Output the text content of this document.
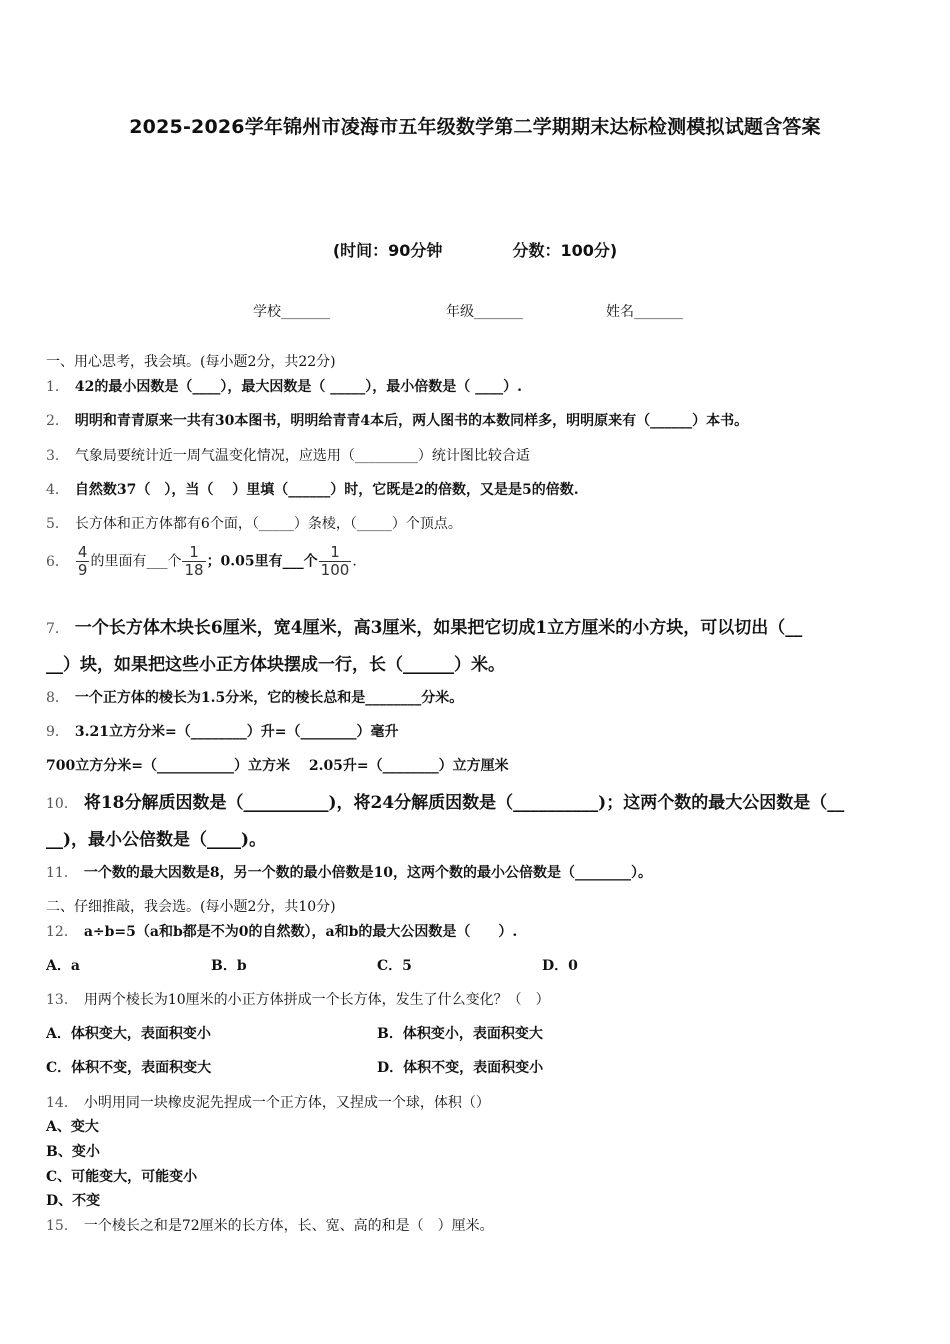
2025-2026学年锦州市凌海市五年级数学第二学期期末达标检测模拟试题含答案
(时间：90分钟	分数：100分)
学校_______	年级_______	姓名_______
一、用心思考，我会填。(每小题2分，共22分)
1． 42的最小因数是（____），最大因数是（ _____），最小倍数是（ ____）.
2． 明明和青青原来一共有30本图书，明明给青青4本后，两人图书的本数同样多，明明原来有（______）本书。
3． 气象局要统计近一周气温变化情况，应选用（_________）统计图比较合适
4． 自然数37（　），当（　 ）里填（______）时，它既是2的倍数，又是是5的倍数.
5． 长方体和正方体都有6个面，（_____）条棱，（_____）个顶点。
6． $\frac{4}{9}$ 的里面有___个 $\frac{1}{18}$ ；0.05里有___个 $\frac{1}{100}$ .
7． 一个长方体木块长6厘米，宽4厘米，高3厘米，如果把它切成1立方厘米的小方块，可以切出（__
__）块，如果把这些小正方体块摆成一行，长（______）米。
8． 一个正方体的棱长为1.5分米，它的棱长总和是________分米。
9． 3.21立方分米=（________）升=（________）毫升
700立方分米=（___________）立方米　 2.05升=（________）立方厘米
10． 将18分解质因数是（__________)，将24分解质因数是（__________)；这两个数的最大公因数是（__
__)，最小公倍数是（____)。
11． 一个数的最大因数是8，另一个数的最小倍数是10，这两个数的最小公倍数是（________）。
二、仔细推敲，我会选。(每小题2分，共10分)
12． a÷b=5（a和b都是不为0的自然数），a和b的最大公因数是（　　）.
A．a	B．b	C．5	D．0
13． 用两个棱长为10厘米的小正方体拼成一个长方体，发生了什么变化？（　）
A．体积变大，表面积变小	B．体积变小，表面积变大
C．体积不变，表面积变大	D．体积不变，表面积变小
14． 小明用同一块橡皮泥先捏成一个正方体，又捏成一个球，体积（）
A、变大
B、变小
C、可能变大，可能变小
D、不变
15． 一个棱长之和是72厘米的长方体，长、宽、高的和是（　）厘米。
